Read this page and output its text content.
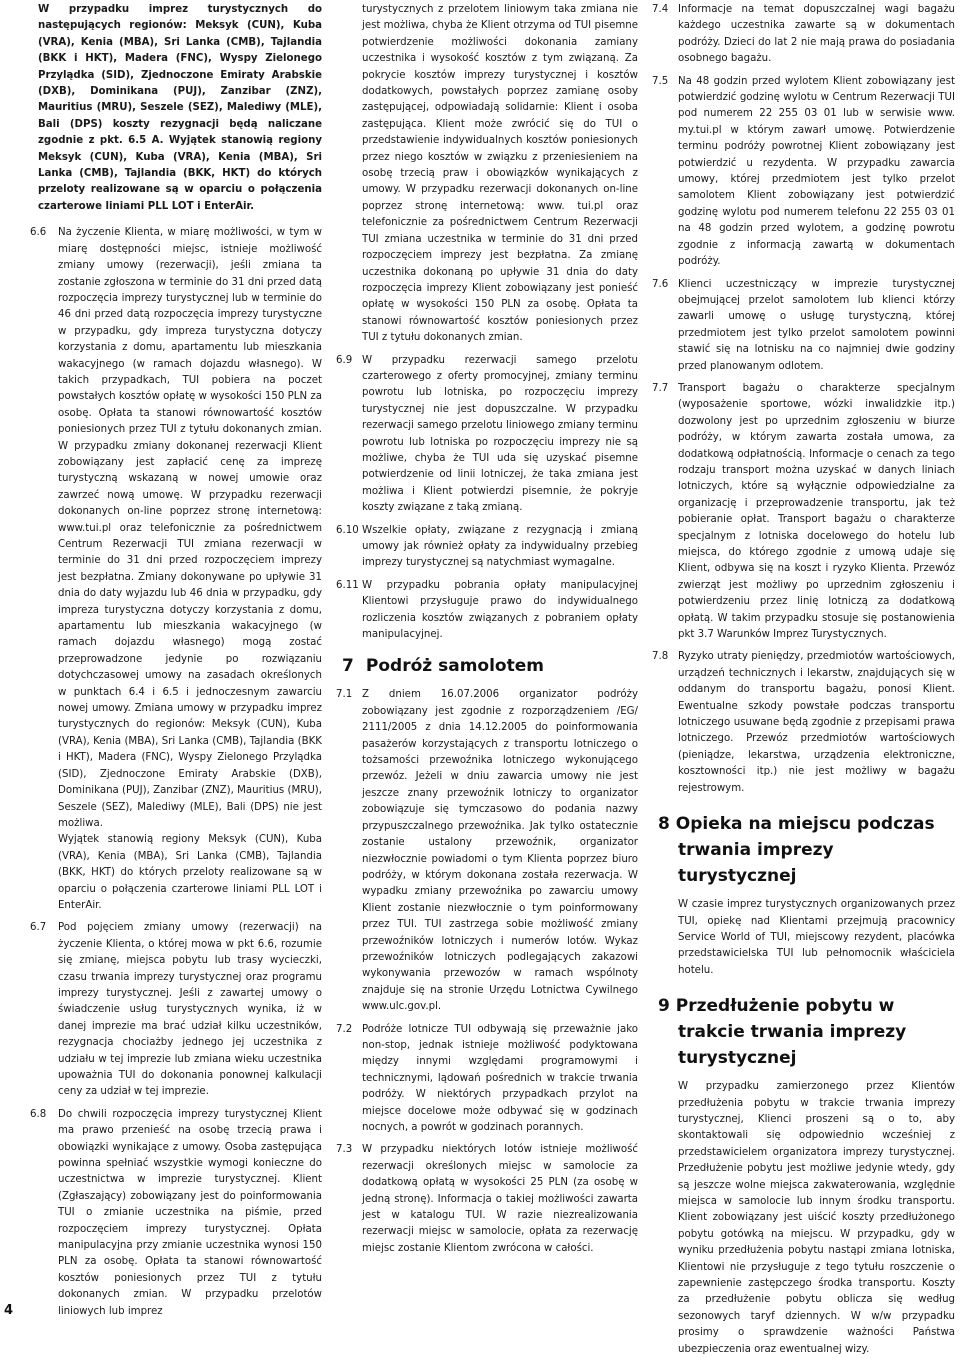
W przypadku imprez turystycznych do następujących regionów: Meksyk (CUN), Kuba (VRA), Kenia (MBA), Sri Lanka (CMB), Tajlandia (BKK i HKT), Madera (FNC), Wyspy Zielonego Przylądka (SID), Zjednoczone Emiraty Arabskie (DXB), Dominikana (PUJ), Zanzibar (ZNZ), Mauritius (MRU), Seszele (SEZ), Malediwy (MLE), Bali (DPS) koszty rezygnacji będą naliczane zgodnie z pkt. 6.5 A. Wyjątek stanowią regiony Meksyk (CUN), Kuba (VRA), Kenia (MBA), Sri Lanka (CMB), Tajlandia (BKK, HKT) do których przeloty realizowane są w oparciu o połączenia czarterowe liniami PLL LOT i EnterAir.

6.6 Na życzenie Klienta, w miarę możliwości, w tym w miarę dostępności miejsc, istnieje możliwość zmiany umowy (rezerwacji), jeśli zmiana ta zostanie zgłoszona w terminie do 31 dni przed datą rozpoczęcia imprezy turystycznej lub w terminie do 46 dni przed datą rozpoczęcia imprezy turystyczne w przypadku, gdy impreza turystyczna dotyczy korzystania z domu, apartamentu lub mieszkania wakacyjnego (w ramach dojazdu własnego). W takich przypadkach, TUI pobiera na poczet powstałych kosztów opłatę w wysokości 150 PLN za osobę. Opłata ta stanowi równowartość kosztów poniesionych przez TUI z tytułu dokonanych zmian. W przypadku zmiany dokonanej rezerwacji Klient zobowiązany jest zapłacić cenę za imprezę turystyczną wskazaną w nowej umowie oraz zawrzeć nową umowę. W przypadku rezerwacji dokonanych on-line poprzez stronę internetową: www.tui.pl oraz telefonicznie za pośrednictwem Centrum Rezerwacji TUI zmiana rezerwacji w terminie do 31 dni przed rozpoczęciem imprezy jest bezpłatna. Zmiany dokonywane po upływie 31 dnia do daty wyjazdu lub 46 dnia w przypadku, gdy impreza turystyczna dotyczy korzystania z domu, apartamentu lub mieszkania wakacyjnego (w ramach dojazdu własnego) mogą zostać przeprowadzone jedynie po rozwiązaniu dotychczasowej umowy na zasadach określonych w punktach 6.4 i 6.5 i jednoczesnym zawarciu nowej umowy. Zmiana umowy w przypadku imprez turystycznych do regionów: Meksyk (CUN), Kuba (VRA), Kenia (MBA), Sri Lanka (CMB), Tajlandia (BKK i HKT), Madera (FNC), Wyspy Zielonego Przylądka (SID), Zjednoczone Emiraty Arabskie (DXB), Dominikana (PUJ), Zanzibar (ZNZ), Mauritius (MRU), Seszele (SEZ), Malediwy (MLE), Bali (DPS) nie jest możliwa.
Wyjątek stanowią regiony Meksyk (CUN), Kuba (VRA), Kenia (MBA), Sri Lanka (CMB), Tajlandia (BKK, HKT) do których przeloty realizowane są w oparciu o połączenia czarterowe liniami PLL LOT i EnterAir.
6.7 Pod pojęciem zmiany umowy (rezerwacji) na życzenie Klienta, o której mowa w pkt 6.6, rozumie się zmianę, miejsca pobytu lub trasy wycieczki, czasu trwania imprezy turystycznej oraz programu imprezy turystycznej. Jeśli z zawartej umowy o świadczenie usług turystycznych wynika, iż w danej imprezie ma brać udział kilku uczestników, rezygnacja chociażby jednego jej uczestnika z udziału w tej imprezie lub zmiana wieku uczestnika upoważnia TUI do dokonania ponownej kalkulacji ceny za udział w tej imprezie.
6.8 Do chwili rozpoczęcia imprezy turystycznej Klient ma prawo przenieść na osobę trzecią prawa i obowiązki wynikające z umowy. Osoba zastępująca powinna spełniać wszystkie wymogi konieczne do uczestnictwa w imprezie turystycznej. Klient (Zgłaszający) zobowiązany jest do poinformowania TUI o zmianie uczestnika na piśmie, przed rozpoczęciem imprezy turystycznej. Opłata manipulacyjna przy zmianie uczestnika wynosi 150 PLN za osobę. Opłata ta stanowi równowartość kosztów poniesionych przez TUI z tytułu dokonanych zmian. W przypadku przelotów liniowych lub imprez
turystycznych z przelotem liniowym taka zmiana nie jest możliwa, chyba że Klient otrzyma od TUI pisemne potwierdzenie możliwości dokonania zamiany uczestnika i wysokość kosztów z tym związaną. Za pokrycie kosztów imprezy turystycznej i kosztów dodatkowych, powstałych poprzez zamianę osoby zastępującej, odpowiadają solidarnie: Klient i osoba zastępująca. Klient może zwrócić się do TUI o przedstawienie indywidualnych kosztów poniesionych przez niego kosztów w związku z przeniesieniem na osobę trzecią praw i obowiązków wynikających z umowy. W przypadku rezerwacji dokonanych on-line poprzez stronę internetową: www. tui.pl oraz telefonicznie za pośrednictwem Centrum Rezerwacji TUI zmiana uczestnika w terminie do 31 dni przed rozpoczęciem imprezy jest bezpłatna. Za zmianę uczestnika dokonaną po upływie 31 dnia do daty rozpoczęcia imprezy Klient zobowiązany jest ponieść opłatę w wysokości 150 PLN za osobę. Opłata ta stanowi równowartość kosztów poniesionych przez TUI z tytułu dokonanych zmian.
6.9 W przypadku rezerwacji samego przelotu czarterowego z oferty promocyjnej, zmiany terminu powrotu lub lotniska, po rozpoczęciu imprezy turystycznej nie jest dopuszczalne. W przypadku rezerwacji samego przelotu liniowego zmiany terminu powrotu lub lotniska po rozpoczęciu imprezy nie są możliwe, chyba że TUI uda się uzyskać pisemne potwierdzenie od linii lotniczej, że taka zmiana jest możliwa i Klient potwierdzi pisemnie, że pokryje koszty związane z taką zmianą.
6.10 Wszelkie opłaty, związane z rezygnacją i zmianą umowy jak również opłaty za indywidualny przebieg imprezy turystycznej są natychmiast wymagalne.
6.11 W przypadku pobrania opłaty manipulacyjnej Klientowi przysługuje prawo do indywidualnego rozliczenia kosztów związanych z pobraniem opłaty manipulacyjnej.
7 Podróż samolotem
7.1 Z dniem 16.07.2006 organizator podróży zobowiązany jest zgodnie z rozporządzeniem /EG/ 2111/2005 z dnia 14.12.2005 do poinformowania pasażerów korzystających z transportu lotniczego o tożsamości przewoźnika lotniczego wykonującego przewóz. Jeżeli w dniu zawarcia umowy nie jest jeszcze znany przewoźnik lotniczy to organizator zobowiązuje się tymczasowo do podania nazwy przypuszczalnego przewoźnika. Jak tylko ostatecznie zostanie ustalony przewoźnik, organizator niezwłocznie powiadomi o tym Klienta poprzez biuro podróży, w którym dokonana została rezerwacja. W wypadku zmiany przewoźnika po zawarciu umowy Klient zostanie niezwłocznie o tym poinformowany przez TUI. TUI zastrzega sobie możliwość zmiany przewoźników lotniczych i numerów lotów. Wykaz przewoźników lotniczych podlegających zakazowi wykonywania przewozów w ramach wspólnoty znajduje się na stronie Urzędu Lotnictwa Cywilnego www.ulc.gov.pl.
7.2 Podróże lotnicze TUI odbywają się przeważnie jako non-stop, jednak istnieje możliwość podyktowana między innymi względami programowymi i technicznymi, lądowań pośrednich w trakcie trwania podróży. W niektórych przypadkach przylot na miejsce docelowe może odbywać się w godzinach nocnych, a powrót w godzinach porannych.
7.3 W przypadku niektórych lotów istnieje możliwość rezerwacji określonych miejsc w samolocie za dodatkową opłatą w wysokości 25 PLN (za osobę w jedną stronę). Informacja o takiej możliwości zawarta jest w katalogu TUI. W razie niezrealizowania rezerwacji miejsc w samolocie, opłata za rezerwację miejsc zostanie Klientom zwrócona w całości.
7.4 Informacje na temat dopuszczalnej wagi bagażu każdego uczestnika zawarte są w dokumentach podróży. Dzieci do lat 2 nie mają prawa do posiadania osobnego bagażu.
7.5 Na 48 godzin przed wylotem Klient zobowiązany jest potwierdzić godzinę wylotu w Centrum Rezerwacji TUI pod numerem 22 255 03 01 lub w serwisie www. my.tui.pl w którym zawarł umowę. Potwierdzenie terminu podróży powrotnej Klient zobowiązany jest potwierdzić u rezydenta. W przypadku zawarcia umowy, której przedmiotem jest tylko przelot samolotem Klient zobowiązany jest potwierdzić godzinę wylotu pod numerem telefonu 22 255 03 01 na 48 godzin przed wylotem, a godzinę powrotu zgodnie z informacją zawartą w dokumentach podróży.
7.6 Klienci uczestniczący w imprezie turystycznej obejmującej przelot samolotem lub klienci którzy zawarli umowę o usługę turystyczną, której przedmiotem jest tylko przelot samolotem powinni stawić się na lotnisku na co najmniej dwie godziny przed planowanym odlotem.
7.7 Transport bagażu o charakterze specjalnym (wyposażenie sportowe, wózki inwalidzkie itp.) dozwolony jest po uprzednim zgłoszeniu w biurze podróży, w którym zawarta została umowa, za dodatkową odpłatnością. Informacje o cenach za tego rodzaju transport można uzyskać w danych liniach lotniczych, które są wyłącznie odpowiedzialne za organizację i przeprowadzenie transportu, jak też pobieranie opłat. Transport bagażu o charakterze specjalnym z lotniska docelowego do hotelu lub miejsca, do którego zgodnie z umową udaje się Klient, odbywa się na koszt i ryzyko Klienta. Przewóz zwierząt jest możliwy po uprzednim zgłoszeniu i potwierdzeniu przez linię lotniczą za dodatkową opłatą. W takim przypadku stosuje się postanowienia pkt 3.7 Warunków Imprez Turystycznych.
7.8 Ryzyko utraty pieniędzy, przedmiotów wartościowych, urządzeń technicznych i lekarstw, znajdujących się w oddanym do transportu bagażu, ponosi Klient. Ewentualne szkody powstałe podczas transportu lotniczego usuwane będą zgodnie z przepisami prawa lotniczego. Przewóz przedmiotów wartościowych (pieniądze, lekarstwa, urządzenia elektroniczne, kosztowności itp.) nie jest możliwy w bagażu rejestrowym.
8 Opieka na miejscu podczas trwania imprezy turystycznej
W czasie imprez turystycznych organizowanych przez TUI, opiekę nad Klientami przejmują pracownicy Service World of TUI, miejscowy rezydent, placówka przedstawicielska TUI lub pełnomocnik właściciela hotelu.
9 Przedłużenie pobytu w trakcie trwania imprezy turystycznej
W przypadku zamierzonego przez Klientów przedłużenia pobytu w trakcie trwania imprezy turystycznej, Klienci proszeni są o to, aby skontaktowali się odpowiednio wcześniej z przedstawicielem organizatora imprezy turystycznej. Przedłużenie pobytu jest możliwe jedynie wtedy, gdy są jeszcze wolne miejsca zakwaterowania, względnie miejsca w samolocie lub innym środku transportu. Klient zobowiązany jest uiścić koszty przedłużonego pobytu gotówką na miejscu. W przypadku, gdy w wyniku przedłużenia pobytu nastąpi zmiana lotniska, Klientowi nie przysługuje z tego tytułu roszczenie o zapewnienie zastępczego środka transportu. Koszty za przedłużenie pobytu oblicza się według sezonowych taryf dziennych. W w/w przypadku prosimy o sprawdzenie ważności Państwa ubezpieczenia oraz ewentualnej wizy.
4
